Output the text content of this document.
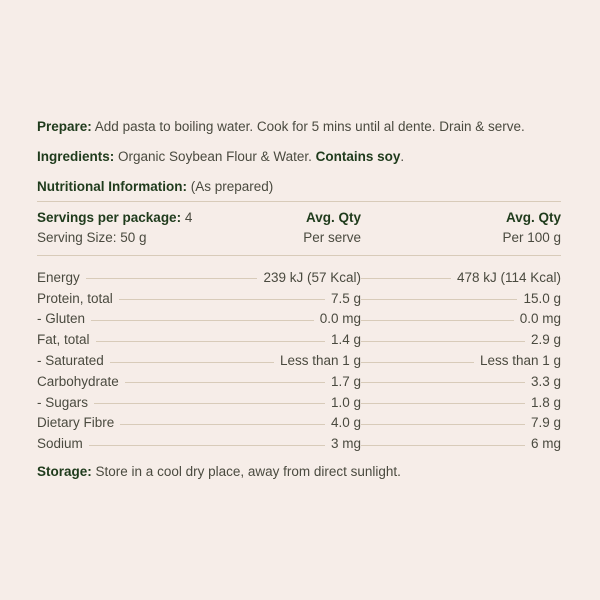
Prepare: Add pasta to boiling water. Cook for 5 mins until al dente. Drain & serve.
Ingredients: Organic Soybean Flour & Water. Contains soy.
Nutritional Information: (As prepared)
Servings per package: 4	Avg. Qty	Avg. Qty
Serving Size: 50 g	Per serve	Per 100 g
Energy	239 kJ (57 Kcal)	478 kJ (114 Kcal)
Protein, total	7.5 g	15.0 g
- Gluten	0.0 mg	0.0 mg
Fat, total	1.4 g	2.9 g
- Saturated	Less than 1 g	Less than 1 g
Carbohydrate	1.7 g	3.3 g
- Sugars	1.0 g	1.8 g
Dietary Fibre	4.0 g	7.9 g
Sodium	3 mg	6 mg
Storage: Store in a cool dry place, away from direct sunlight.
